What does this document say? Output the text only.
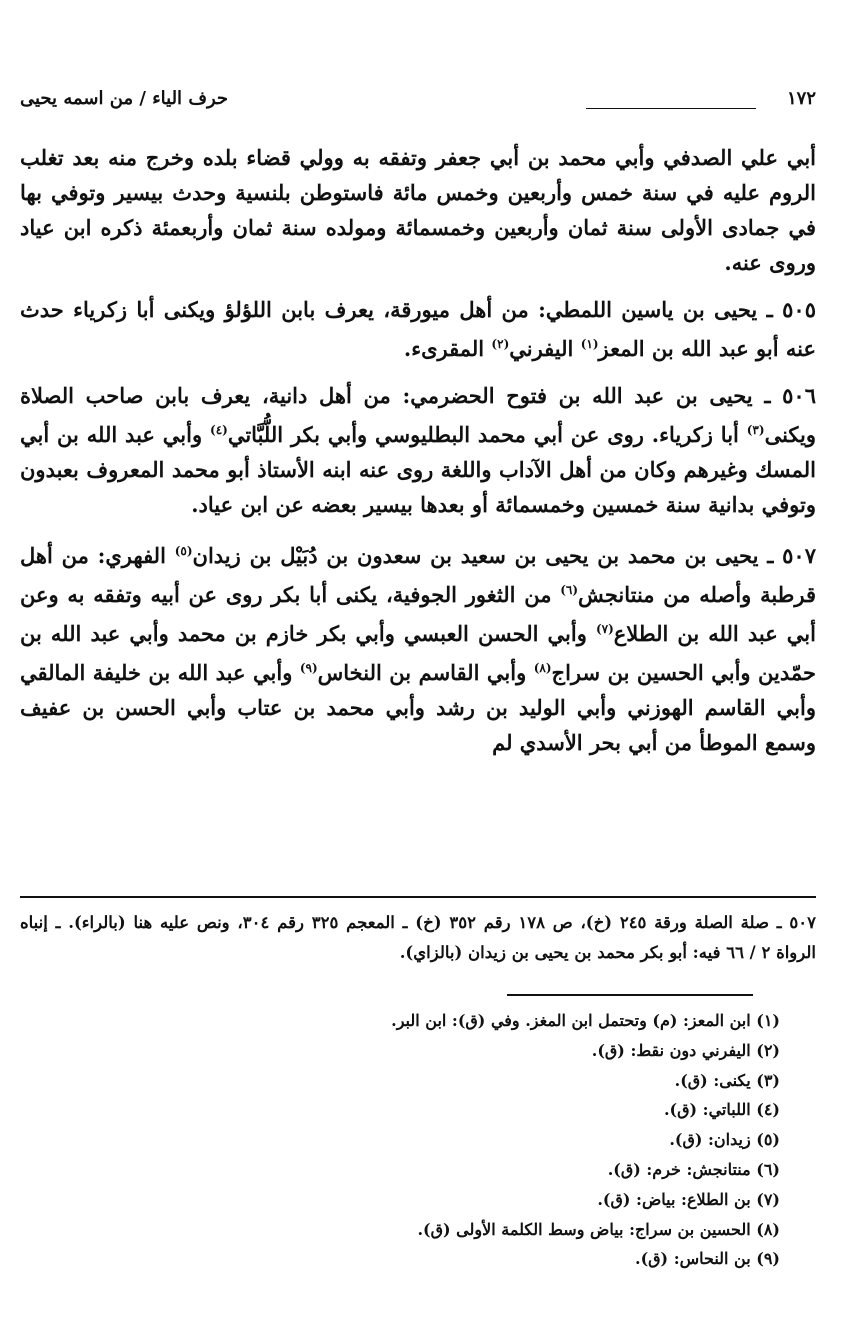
١٧٢
حرف الياء / من اسمه يحيى

أبي علي الصدفي وأبي محمد بن أبي جعفر وتفقه به وولي قضاء بلده وخرج منه بعد تغلب الروم عليه في سنة خمس وأربعين وخمس مائة فاستوطن بلنسية وحدث بيسير وتوفي بها في جمادى الأولى سنة ثمان وأربعين وخمسمائة ومولده سنة ثمان وأربعمئة ذكره ابن عياد وروى عنه.

٥٠٥ ـ يحيى بن ياسين اللمطي: من أهل ميورقة، يعرف بابن اللؤلؤ ويكنى أبا زكرياء حدث عنه أبو عبد الله بن المعز$^{(١)}$ اليفرني$^{(٢)}$ المقرىء.

٥٠٦ ـ يحيى بن عبد الله بن فتوح الحضرمي: من أهل دانية، يعرف بابن صاحب الصلاة ويكنى$^{(٣)}$ أبا زكرياء. روى عن أبي محمد البطليوسي وأبي بكر اللُّبَّاتي$^{(٤)}$ وأبي عبد الله بن أبي المسك وغيرهم وكان من أهل الآداب واللغة روى عنه ابنه الأستاذ أبو محمد المعروف بعبدون وتوفي بدانية سنة خمسين وخمسمائة أو بعدها بيسير بعضه عن ابن عياد.

٥٠٧ ـ يحيى بن محمد بن يحيى بن سعيد بن سعدون بن دُبَيْل بن زيدان$^{(٥)}$ الفهري: من أهل قرطبة وأصله من منتانجش$^{(٦)}$ من الثغور الجوفية، يكنى أبا بكر روى عن أبيه وتفقه به وعن أبي عبد الله بن الطلاع$^{(٧)}$ وأبي الحسن العبسي وأبي بكر خازم بن محمد وأبي عبد الله بن حمّدين وأبي الحسين بن سراج$^{(٨)}$ وأبي القاسم بن النخاس$^{(٩)}$ وأبي عبد الله بن خليفة المالقي وأبي القاسم الهوزني وأبي الوليد بن رشد وأبي محمد بن عتاب وأبي الحسن بن عفيف وسمع الموطأ من أبي بحر الأسدي لم

٥٠٧ ـ صلة الصلة ورقة ٢٤٥ (خ)، ص ١٧٨ رقم ٣٥٢ (خ) ـ المعجم ٣٢٥ رقم ٣٠٤، ونص عليه هنا (بالراء). ـ إنباه الرواة ٢ / ٦٦ فيه: أبو بكر محمد بن يحيى بن زيدان (بالزاي).
(١) ابن المعز: (م) وتحتمل ابن المغز. وفي (ق): ابن البر.
(٢) اليفرني دون نقط: (ق).
(٣) يكنى: (ق).
(٤) اللباتي: (ق).
(٥) زيدان: (ق).
(٦) منتانجش: خرم: (ق).
(٧) بن الطلاع: بياض: (ق).
(٨) الحسين بن سراج: بياض وسط الكلمة الأولى (ق).
(٩) بن النحاس: (ق).
